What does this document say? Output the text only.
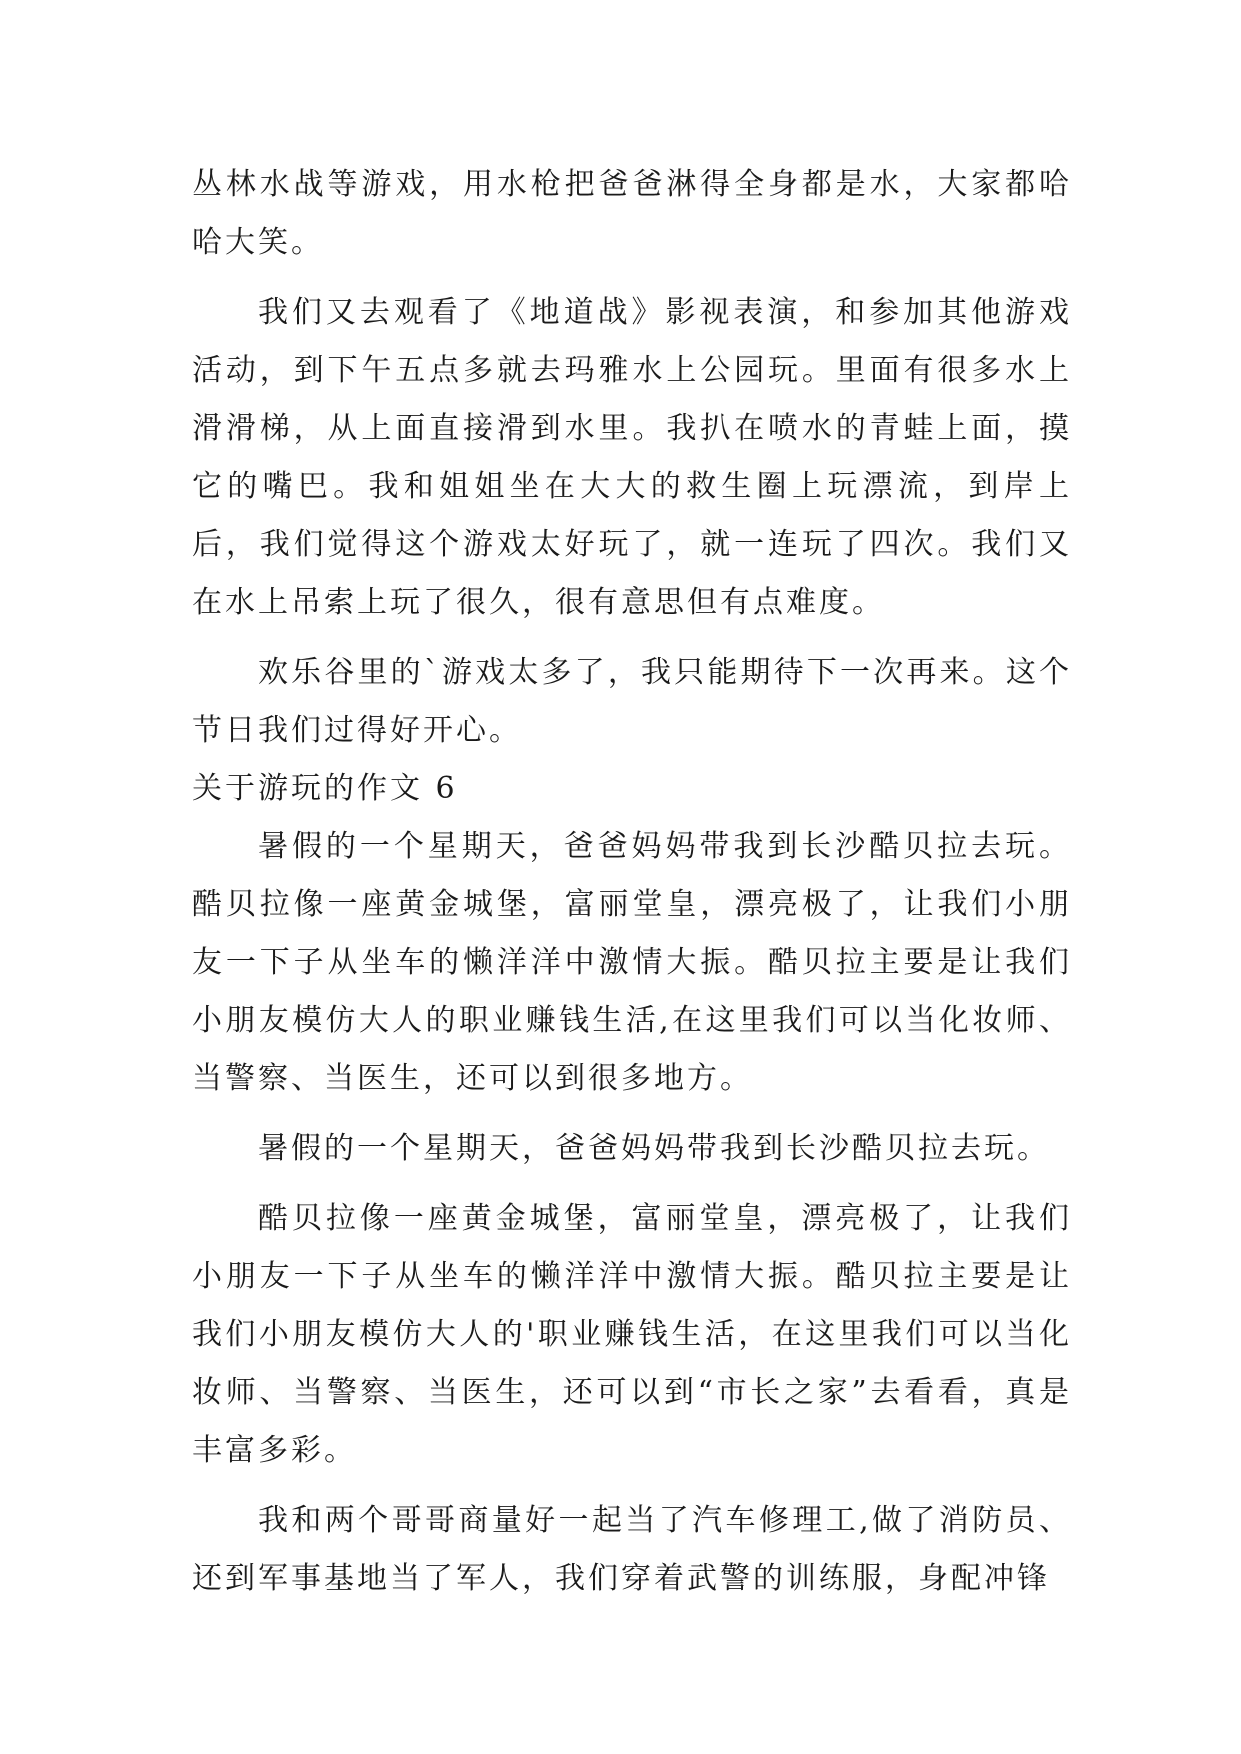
丛林水战等游戏，用水枪把爸爸淋得全身都是水，大家都哈哈大笑。

我们又去观看了《地道战》影视表演，和参加其他游戏活动，到下午五点多就去玛雅水上公园玩。里面有很多水上滑滑梯，从上面直接滑到水里。我扒在喷水的青蛙上面，摸它的嘴巴。我和姐姐坐在大大的救生圈上玩漂流，到岸上后，我们觉得这个游戏太好玩了，就一连玩了四次。我们又在水上吊索上玩了很久，很有意思但有点难度。

欢乐谷里的`游戏太多了，我只能期待下一次再来。这个节日我们过得好开心。

关于游玩的作文 6

暑假的一个星期天，爸爸妈妈带我到长沙酷贝拉去玩。酷贝拉像一座黄金城堡，富丽堂皇，漂亮极了，让我们小朋友一下子从坐车的懒洋洋中激情大振。酷贝拉主要是让我们小朋友模仿大人的职业赚钱生活,在这里我们可以当化妆师、当警察、当医生，还可以到很多地方。

暑假的一个星期天，爸爸妈妈带我到长沙酷贝拉去玩。

酷贝拉像一座黄金城堡，富丽堂皇，漂亮极了，让我们小朋友一下子从坐车的懒洋洋中激情大振。酷贝拉主要是让我们小朋友模仿大人的'职业赚钱生活，在这里我们可以当化妆师、当警察、当医生，还可以到“市长之家”去看看，真是丰富多彩。

我和两个哥哥商量好一起当了汽车修理工,做了消防员、还到军事基地当了军人，我们穿着武警的训练服，身配冲锋
